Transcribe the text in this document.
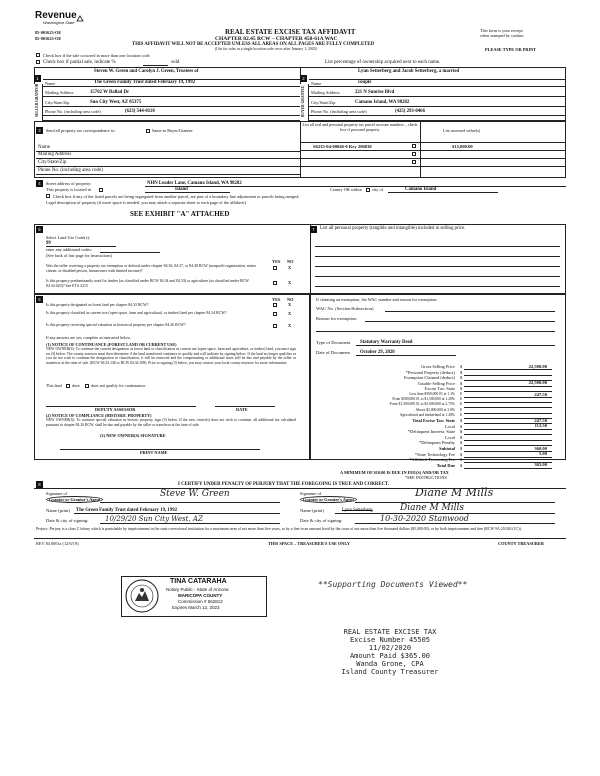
Revenue
Washington State
85-001623-OE
85-001623-OE
REAL ESTATE EXCISE TAX AFFIDAVIT
CHAPTER 82.45 RCW – CHAPTER 458-61A WAC
THIS AFFIDAVIT WILL NOT BE ACCEPTED UNLESS ALL AREAS ON ALL PAGES ARE FULLY COMPLETED
(Use for sales in a single location code on or after January 1, 2020)
This form is your receipt
when stamped by cashier.
PLEASE TYPE OR PRINT
Check box if the sale occurred in more than one location code.
Check box if partial sale, indicate %	sold	List percentage of ownership acquired next to each name.
1
SELLER GRANTOR
Steven W. Green and Carolyn J. Green, Trustees of
Name	The Green Family Trust dated February 19, 1992
Mailing Address	15702 W Ballad Dr
City/State/Zip	Sun City West, AZ 85375
Phone No. (including area code)	(623) 544-0110
2
BUYER GRANTEE
Lynn Setterberg and Jacob Setterberg, a married
Name	couple
Mailing Address	221 N Sunrise Blvd
City/State/Zip	Camano Island, WA 98282
Phone No. (including area code)	(425) 293-0466
3	Send all property tax correspondence to:	Same as Buyer/Grantee
Name
Mailing Address
City/State/Zip
Phone No. (including area code)
List all real and personal property tax parcel account numbers – check box if personal property	List assessed value(s)
S6235-04-00046-0 Key 206830	$15,000.00
4	Street address of property:	NHN Leader Lane, Camano Island, WA 98282
This property is located in	Island	County OR within city of	Camano Island
Check box if any of the listed parcels are being segregated from another parcel, are part of a boundary line adjustment or parcels being merged.
Legal description of property (if more space is needed, you may attach a separate sheet to each page of the affidavit)
SEE EXHIBIT "A" ATTACHED
5
Select Land Use Code(s):
99
enter any additional codes:
(See back of last page for instructions)
YES NO
Was the seller receiving a property tax exemption or deferral under chapter 84.36, 84.37, or 84.38 RCW (nonprofit organization, senior citizen, or disabled person, homeowner with limited income)?
X
Is this property predominantly used for timber (as classified under RCW 84.34 and 84.33) or agriculture (as classified under RCW 84.34.020)? See ETA 3215
X
7	List all personal property (tangible and intangible) included in selling price.
6	YES NO
Is this property designated as forest land per chapter 84.33 RCW?	X
Is this property classified as current use (open space, farm and agricultural, or timber) land per chapter 84.34 RCW?	X
Is this property receiving special valuation as historical property per chapter 84.26 RCW?	X
If any answers are yes, complete as instructed below.
(1) NOTICE OF CONTINUANCE (FOREST LAND OR CURRENT USE)
NEW OWNER(S): To continue the current designation as forest land or classification as current use (open space, farm and agriculture, or timber) land, you must sign on (3) below. The county assessor must then determine if the land transferred continues to qualify and will indicate by signing below. If the land no longer qualifies or you do not wish to continue the designation or classification, it will be removed and the compensating or additional taxes will be due and payable by the seller or transferor at the time of sale. (RCW 84.33.140 or RCW 84.34.108). Prior to signing (3) below, you may contact your local county assessor for more information.
This land does	does not qualify for continuance.
DEPUTY ASSESSOR	DATE
(2) NOTICE OF COMPLIANCE (HISTORIC PROPERTY)
NEW OWNER(S): To continue special valuation as historic property, sign (3) below. If the new owner(s) does not wish to continue, all additional tax calculated pursuant to chapter 84.26 RCW, shall be due and payable by the seller or transferor at the time of sale.
(3) NEW OWNER(S) SIGNATURE
PRINT NAME
If claiming an exemption, list WAC number and reason for exemption:
WAC No. (Section/Subsection)
Reason for exemption
Type of Document Statutory Warranty Deed
Date of Document October 29, 2020
Gross Selling Price $	22,500.00
*Personal Property (deduct) $
Exemption Claimed (deduct) $
Taxable Selling Price $	22,500.00
Excise Tax: State $
Less than $500,000.01 at 1.1% $	247.50
From $500,000.01 to $1,500,000 at 1.28% $
From $1,500,000.01 to $3,000,000 at 2.75% $
Above $3,000,000 at 3.0% $
Agricultural and timberland at 1.28% $
Total Excise Tax: State $	247.50
Local $	112.50
*Delinquent Interest: State $
Local $
*Delinquent Penalty $
Subtotal $	360.00
*State Technology Fee $	5.00
*Affidavit Processing Fee $
Total Due $	365.00
A MINIMUM OF $10.00 IS DUE IN FEE(S) AND/OR TAX
*SEE INSTRUCTIONS
8	I CERTIFY UNDER PENALTY OF PERJURY THAT THE FOREGOING IS TRUE AND CORRECT.
Signature of
Grantor or Grantor's Agent
Steve W. Green
Name (print) The Green Family Trust dated February 19, 1992
Date & city of signing: 10/29/20 Sun City West, AZ
Signature of
Grantee or Grantee's Agent
Diane M Mills
Name (print)	Lynn Setterberg	Diane M Mills
Date & city of signing:	10-30-2020 Stanwood
Perjury: Perjury is a class C felony which is punishable by imprisonment in the state correctional institution for a maximum term of not more than five years, or by a fine in an amount fixed by the court of not more than five thousand dollars ($5,000.00), or by both imprisonment and fine (RCW 9A.20.020 (1C)).
REV 84 0001a (12/6/19)	THIS SPACE – TREASURER'S USE ONLY	COUNTY TREASURER
TINA CATARAHA
Notary Public - State of Arizona
MARICOPA COUNTY
Commission # 562812
Expires March 12, 2023
**Supporting Documents Viewed**
REAL ESTATE EXCISE TAX
Excise Number 45505
11/02/2020
Amount Paid $365.00
Wanda Grone, CPA
Island County Treasurer
